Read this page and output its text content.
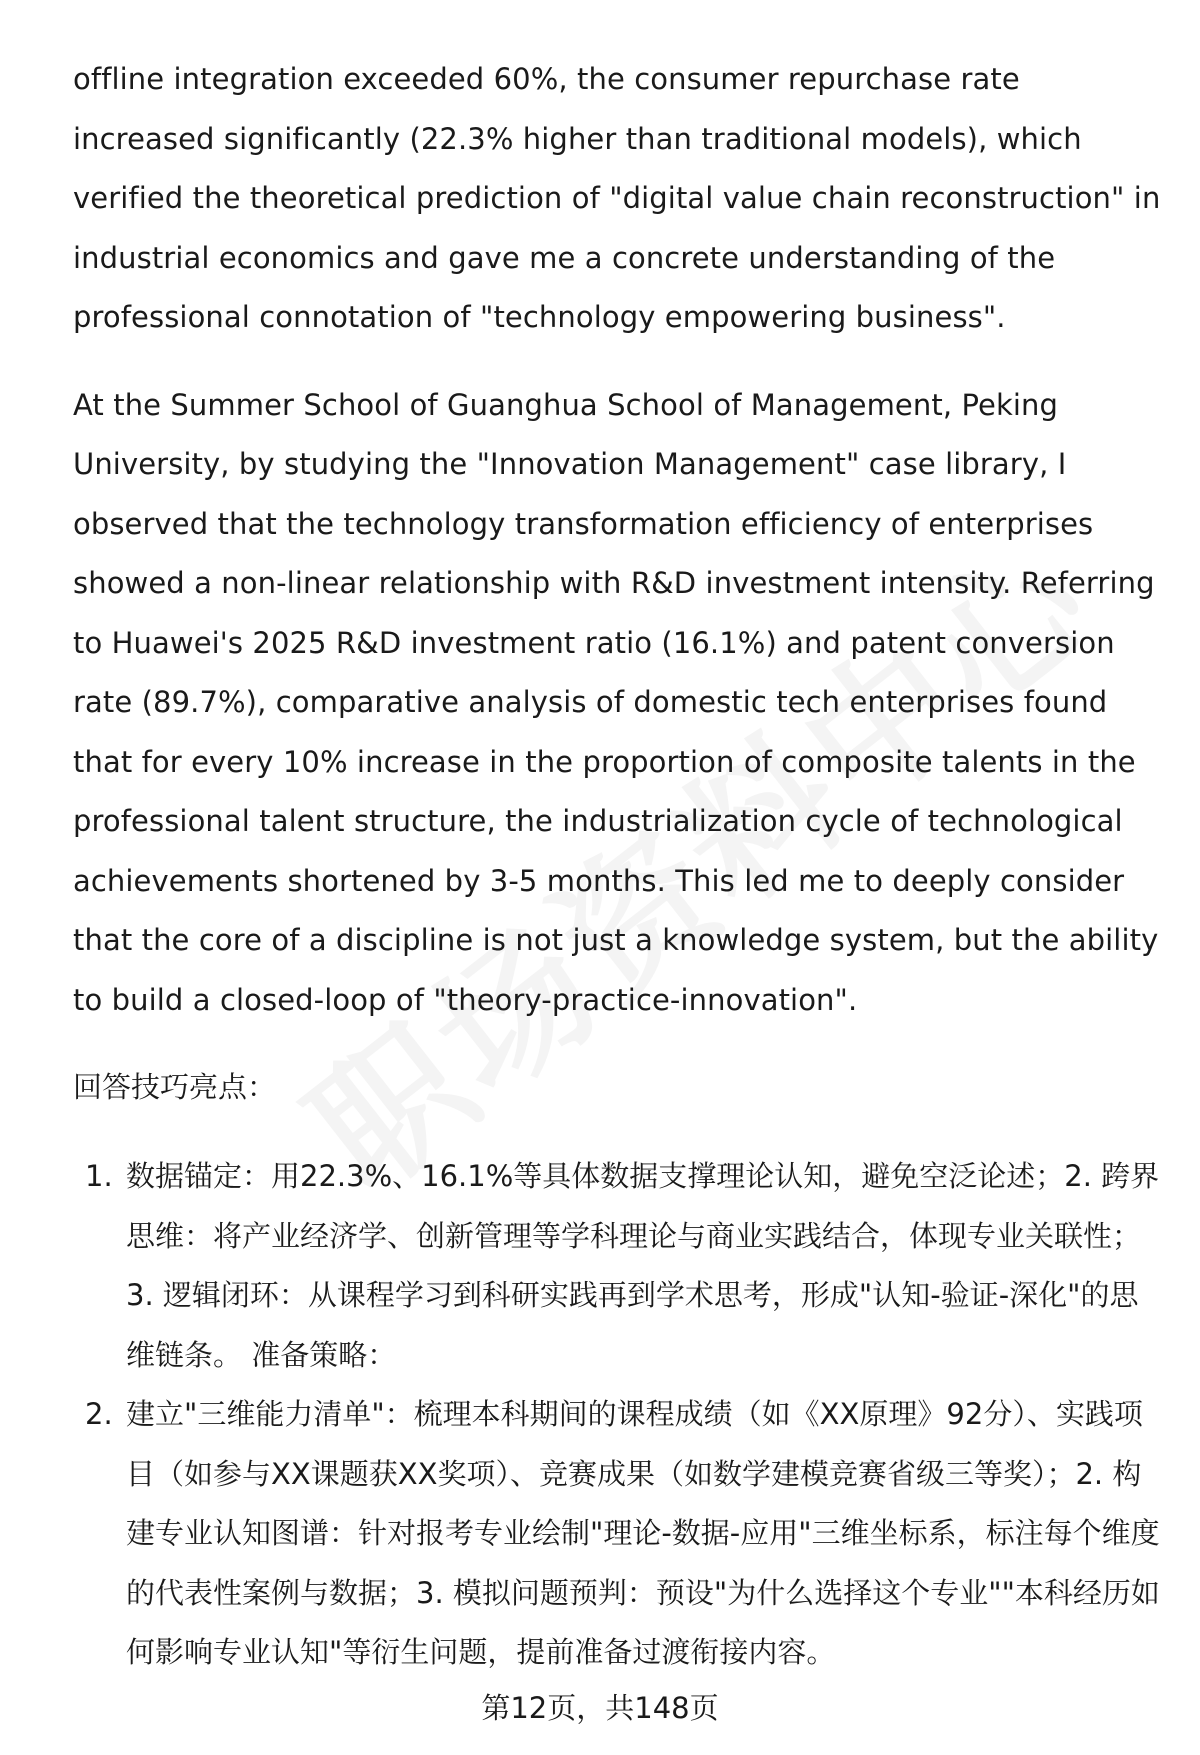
offline integration exceeded 60%, the consumer repurchase rate increased significantly (22.3% higher than traditional models), which verified the theoretical prediction of "digital value chain reconstruction" in industrial economics and gave me a concrete understanding of the professional connotation of "technology empowering business".

At the Summer School of Guanghua School of Management, Peking University, by studying the "Innovation Management" case library, I observed that the technology transformation efficiency of enterprises showed a non-linear relationship with R&D investment intensity. Referring to Huawei's 2025 R&D investment ratio (16.1%) and patent conversion rate (89.7%), comparative analysis of domestic tech enterprises found that for every 10% increase in the proportion of composite talents in the professional talent structure, the industrialization cycle of technological achievements shortened by 3-5 months. This led me to deeply consider that the core of a discipline is not just a knowledge system, but the ability to build a closed-loop of "theory-practice-innovation".

回答技巧亮点：
1. 数据锚定：用22.3%、16.1%等具体数据支撑理论认知，避免空泛论述；2. 跨界思维：将产业经济学、创新管理等学科理论与商业实践结合，体现专业关联性；3. 逻辑闭环：从课程学习到科研实践再到学术思考，形成"认知-验证-深化"的思维链条。 准备策略：
2. 建立"三维能力清单"：梳理本科期间的课程成绩（如《XX原理》92分）、实践项目（如参与XX课题获XX奖项）、竞赛成果（如数学建模竞赛省级三等奖）；2. 构建专业认知图谱：针对报考专业绘制"理论-数据-应用"三维坐标系，标注每个维度的代表性案例与数据；3. 模拟问题预判：预设"为什么选择这个专业""本科经历如何影响专业认知"等衍生问题，提前准备过渡衔接内容。
第12页，共148页
